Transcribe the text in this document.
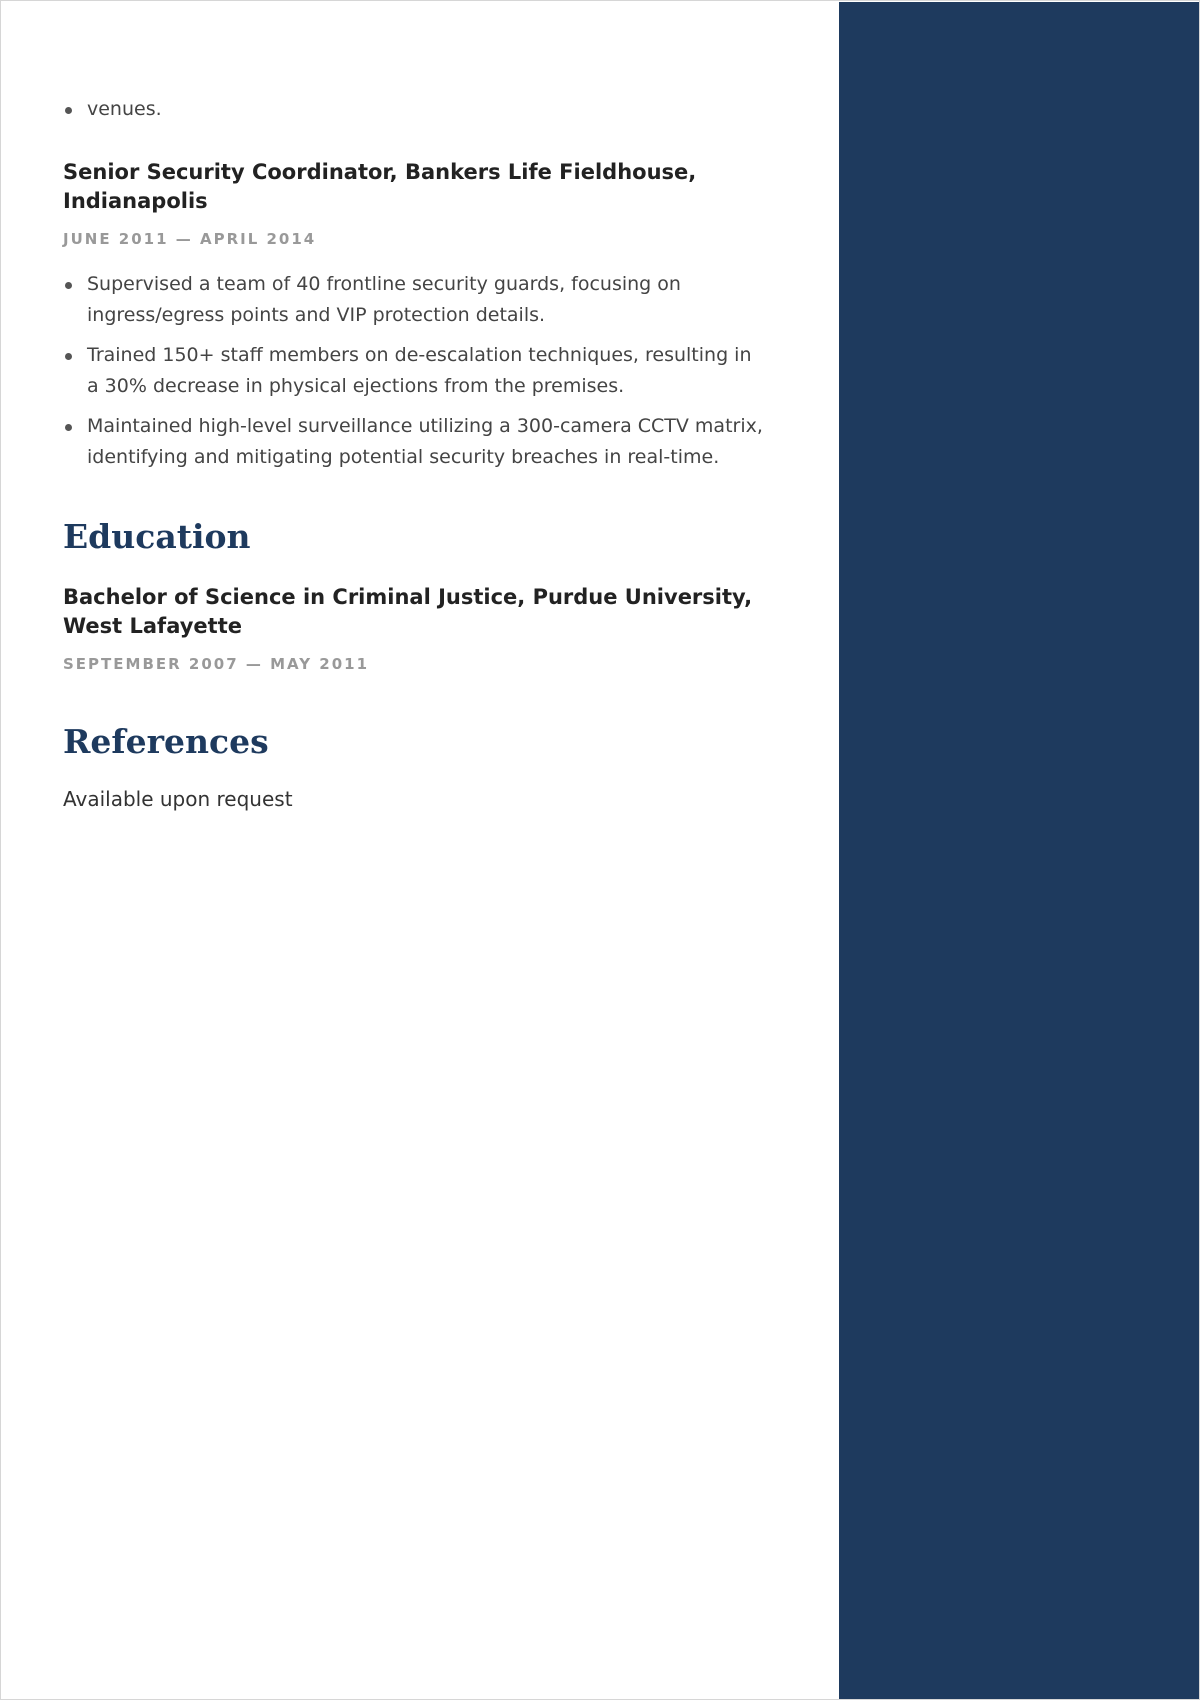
venues.
Senior Security Coordinator, Bankers Life Fieldhouse, Indianapolis
JUNE 2011 — APRIL 2014
Supervised a team of 40 frontline security guards, focusing on ingress/egress points and VIP protection details.
Trained 150+ staff members on de-escalation techniques, resulting in a 30% decrease in physical ejections from the premises.
Maintained high-level surveillance utilizing a 300-camera CCTV matrix, identifying and mitigating potential security breaches in real-time.
Education
Bachelor of Science in Criminal Justice, Purdue University, West Lafayette
SEPTEMBER 2007 — MAY 2011
References
Available upon request
